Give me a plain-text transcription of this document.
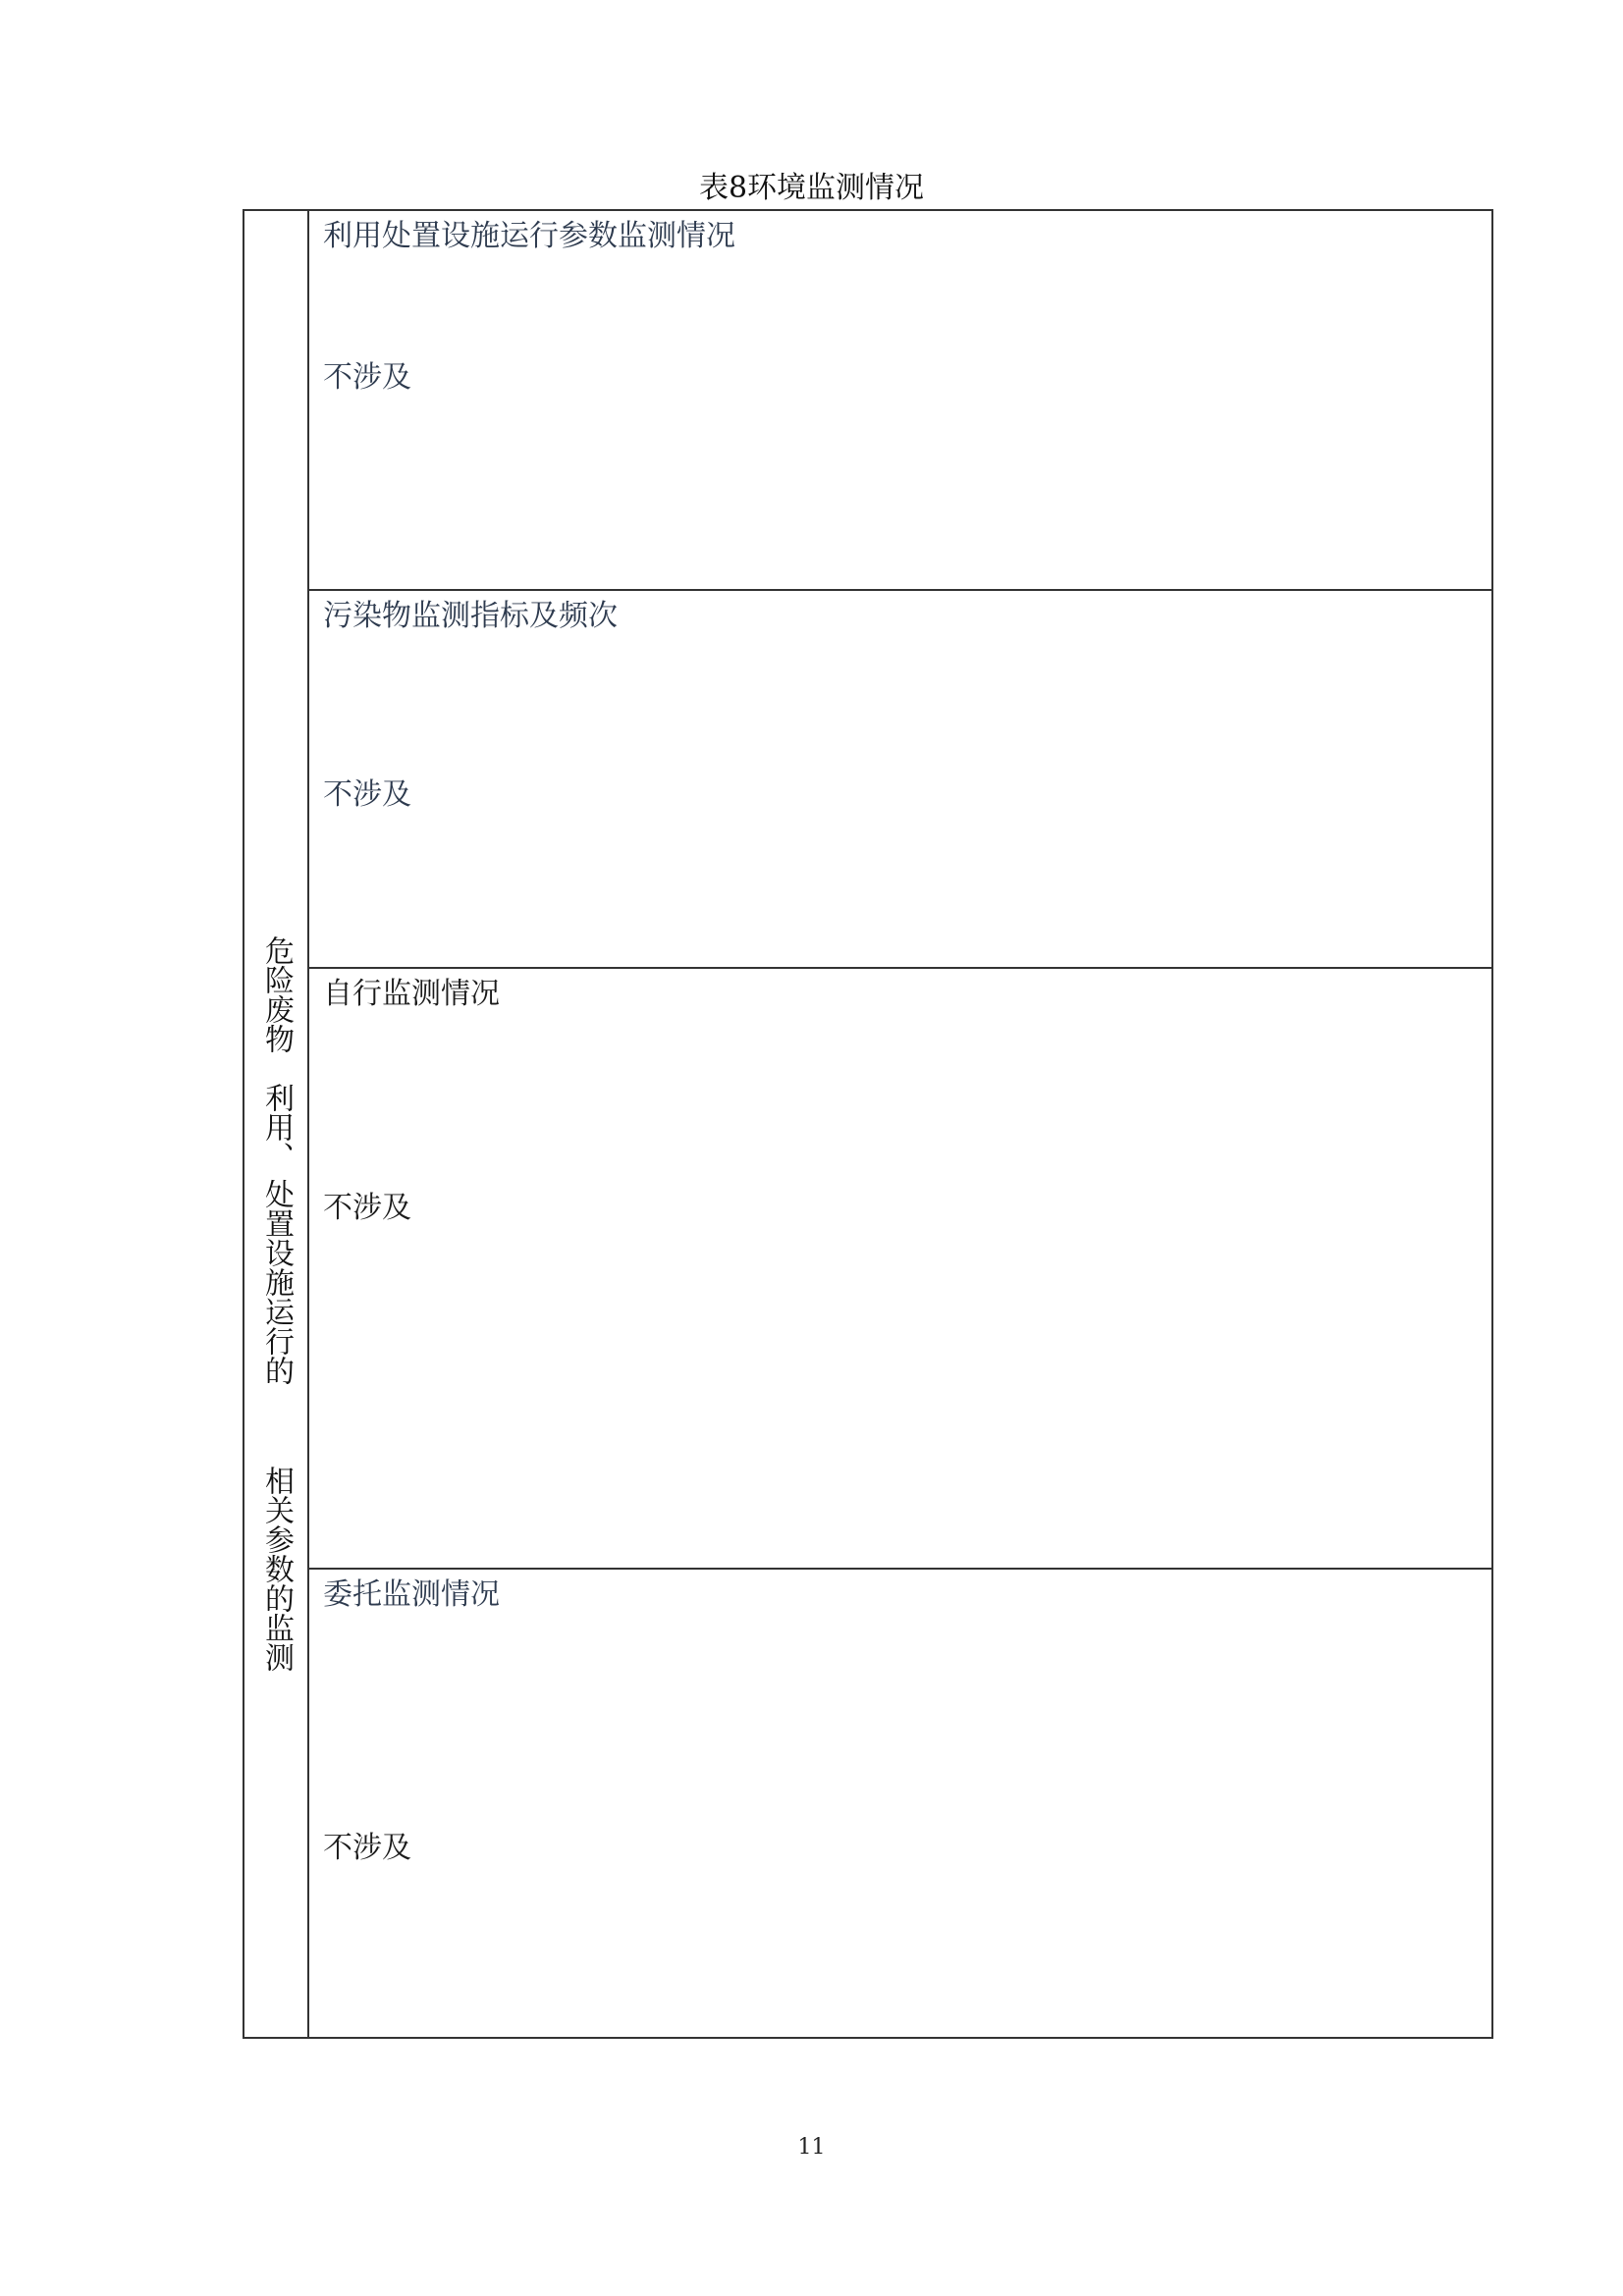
表8环境监测情况
危险废物
利用、
处置设施运行的
相关参数的监测
利用处置设施运行参数监测情况
不涉及
污染物监测指标及频次
不涉及
自行监测情况
不涉及
委托监测情况
不涉及
11
